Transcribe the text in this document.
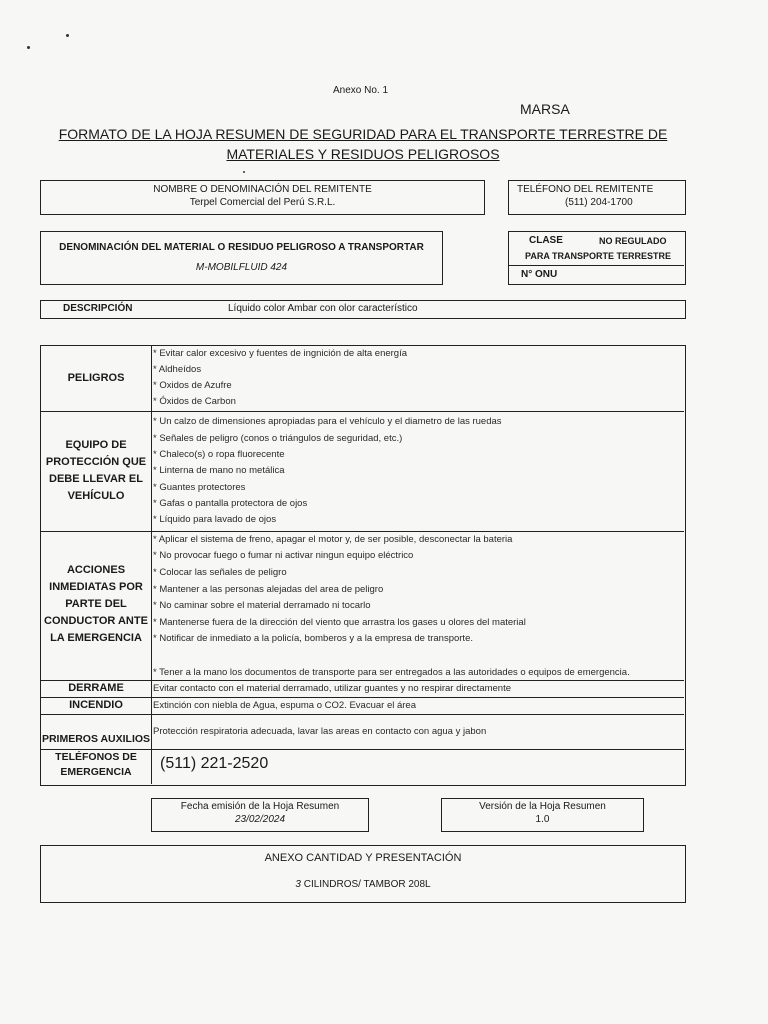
Anexo No. 1
MARSA
FORMATO DE LA HOJA RESUMEN DE SEGURIDAD PARA EL TRANSPORTE TERRESTRE DE
MATERIALES Y RESIDUOS PELIGROSOS
NOMBRE O DENOMINACIÓN DEL REMITENTE
Terpel Comercial del Perú S.R.L.
TELÉFONO DEL REMITENTE
(511) 204-1700
DENOMINACIÓN DEL MATERIAL O RESIDUO PELIGROSO A TRANSPORTAR
M-MOBILFLUID 424
CLASE	NO REGULADO
PARA TRANSPORTE TERRESTRE
N° ONU
DESCRIPCIÓN	Líquido color Ambar con olor característico
PELIGROS
* Evitar calor excesivo y fuentes de ingnición de alta energía
* Aldheídos
* Oxidos de Azufre
* Óxidos de Carbon
EQUIPO DE
PROTECCIÓN QUE
DEBE LLEVAR EL
VEHÍCULO
* Un calzo de dimensiones apropiadas para el vehículo y el diametro de las ruedas
* Señales de peligro (conos o triángulos de seguridad, etc.)
* Chaleco(s) o ropa fluorecente
* Linterna de mano no metálica
* Guantes protectores
* Gafas o pantalla protectora de ojos
* Líquido para lavado de ojos
ACCIONES
INMEDIATAS POR
PARTE DEL
CONDUCTOR ANTE
LA EMERGENCIA
* Aplicar el sistema de freno, apagar el motor y, de ser posible, desconectar la bateria
* No provocar fuego o fumar ni activar ningun equipo eléctrico
* Colocar las señales de peligro
* Mantener a las personas alejadas del area de peligro
* No caminar sobre el material derramado ni tocarlo
* Mantenerse fuera de la dirección del viento que arrastra los gases u olores del material
* Notificar de inmediato a la policía, bomberos y a la empresa de transporte.
* Tener a la mano los documentos de transporte para ser entregados a las autoridades o equipos de emergencia.
DERRAME	Evitar contacto con el material derramado, utilizar guantes y no respirar directamente
INCENDIO	Extinción con niebla de Agua, espuma o CO2. Evacuar el área
PRIMEROS AUXILIOS
Protección respiratoria adecuada, lavar las areas en contacto con agua y jabon
TELÉFONOS DE
EMERGENCIA	(511) 221-2520
Fecha emisión de la Hoja Resumen
23/02/2024
Versión de la Hoja Resumen
1.0
ANEXO CANTIDAD Y PRESENTACIÓN
3 CILINDROS/ TAMBOR 208L
